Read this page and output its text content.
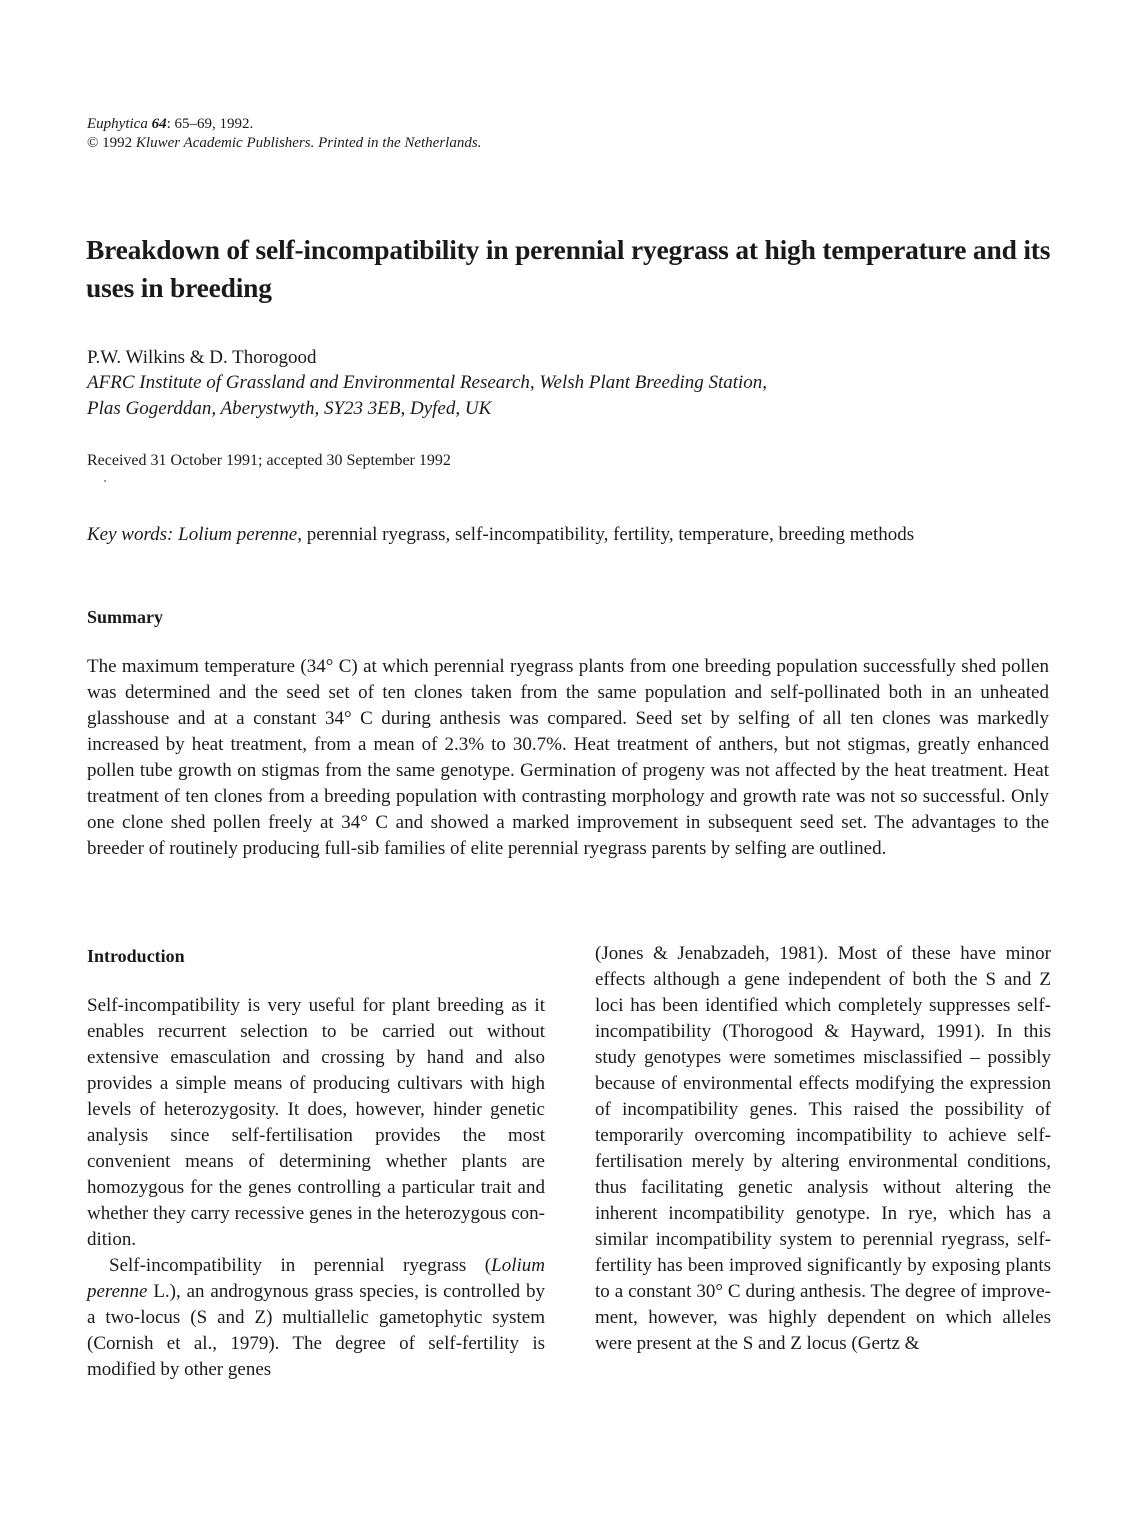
Euphytica 64: 65–69, 1992.
© 1992 Kluwer Academic Publishers. Printed in the Netherlands.
Breakdown of self-incompatibility in perennial ryegrass at high temperature and its uses in breeding
P.W. Wilkins & D. Thorogood
AFRC Institute of Grassland and Environmental Research, Welsh Plant Breeding Station,
Plas Gogerddan, Aberystwyth, SY23 3EB, Dyfed, UK
Received 31 October 1991; accepted 30 September 1992
Key words: Lolium perenne, perennial ryegrass, self-incompatibility, fertility, temperature, breeding methods
Summary
The maximum temperature (34° C) at which perennial ryegrass plants from one breeding population successfully shed pollen was determined and the seed set of ten clones taken from the same population and self-pollinated both in an unheated glasshouse and at a constant 34° C during anthesis was compared. Seed set by selfing of all ten clones was markedly increased by heat treatment, from a mean of 2.3% to 30.7%. Heat treatment of anthers, but not stigmas, greatly enhanced pollen tube growth on stigmas from the same genotype. Germination of progeny was not affected by the heat treatment. Heat treatment of ten clones from a breeding population with contrasting morphology and growth rate was not so successful. Only one clone shed pollen freely at 34° C and showed a marked improvement in subsequent seed set. The advantages to the breeder of routinely producing full-sib families of elite perennial ryegrass parents by selfing are outlined.
Introduction

Self-incompatibility is very useful for plant breeding as it enables recurrent selection to be carried out without extensive emasculation and crossing by hand and also provides a simple means of producing cultivars with high levels of heterozygosity. It does, however, hinder genetic analysis since self-fertilisation provides the most convenient means of determining whether plants are homozygous for the genes controlling a particular trait and whether they carry recessive genes in the heterozygous condition.

Self-incompatibility in perennial ryegrass (Lolium perenne L.), an androgynous grass species, is controlled by a two-locus (S and Z) multiallelic gametophytic system (Cornish et al., 1979). The degree of self-fertility is modified by other genes

(Jones & Jenabzadeh, 1981). Most of these have minor effects although a gene independent of both the S and Z loci has been identified which completely suppresses self-incompatibility (Thorogood & Hayward, 1991). In this study genotypes were sometimes misclassified – possibly because of environmental effects modifying the expression of incompatibility genes. This raised the possibility of temporarily overcoming incompatibility to achieve self-fertilisation merely by altering environmental conditions, thus facilitating genetic analysis without altering the inherent incompatibility genotype. In rye, which has a similar incompatibility system to perennial ryegrass, self-fertility has been improved significantly by exposing plants to a constant 30° C during anthesis. The degree of improvement, however, was highly dependent on which alleles were present at the S and Z locus (Gertz &
